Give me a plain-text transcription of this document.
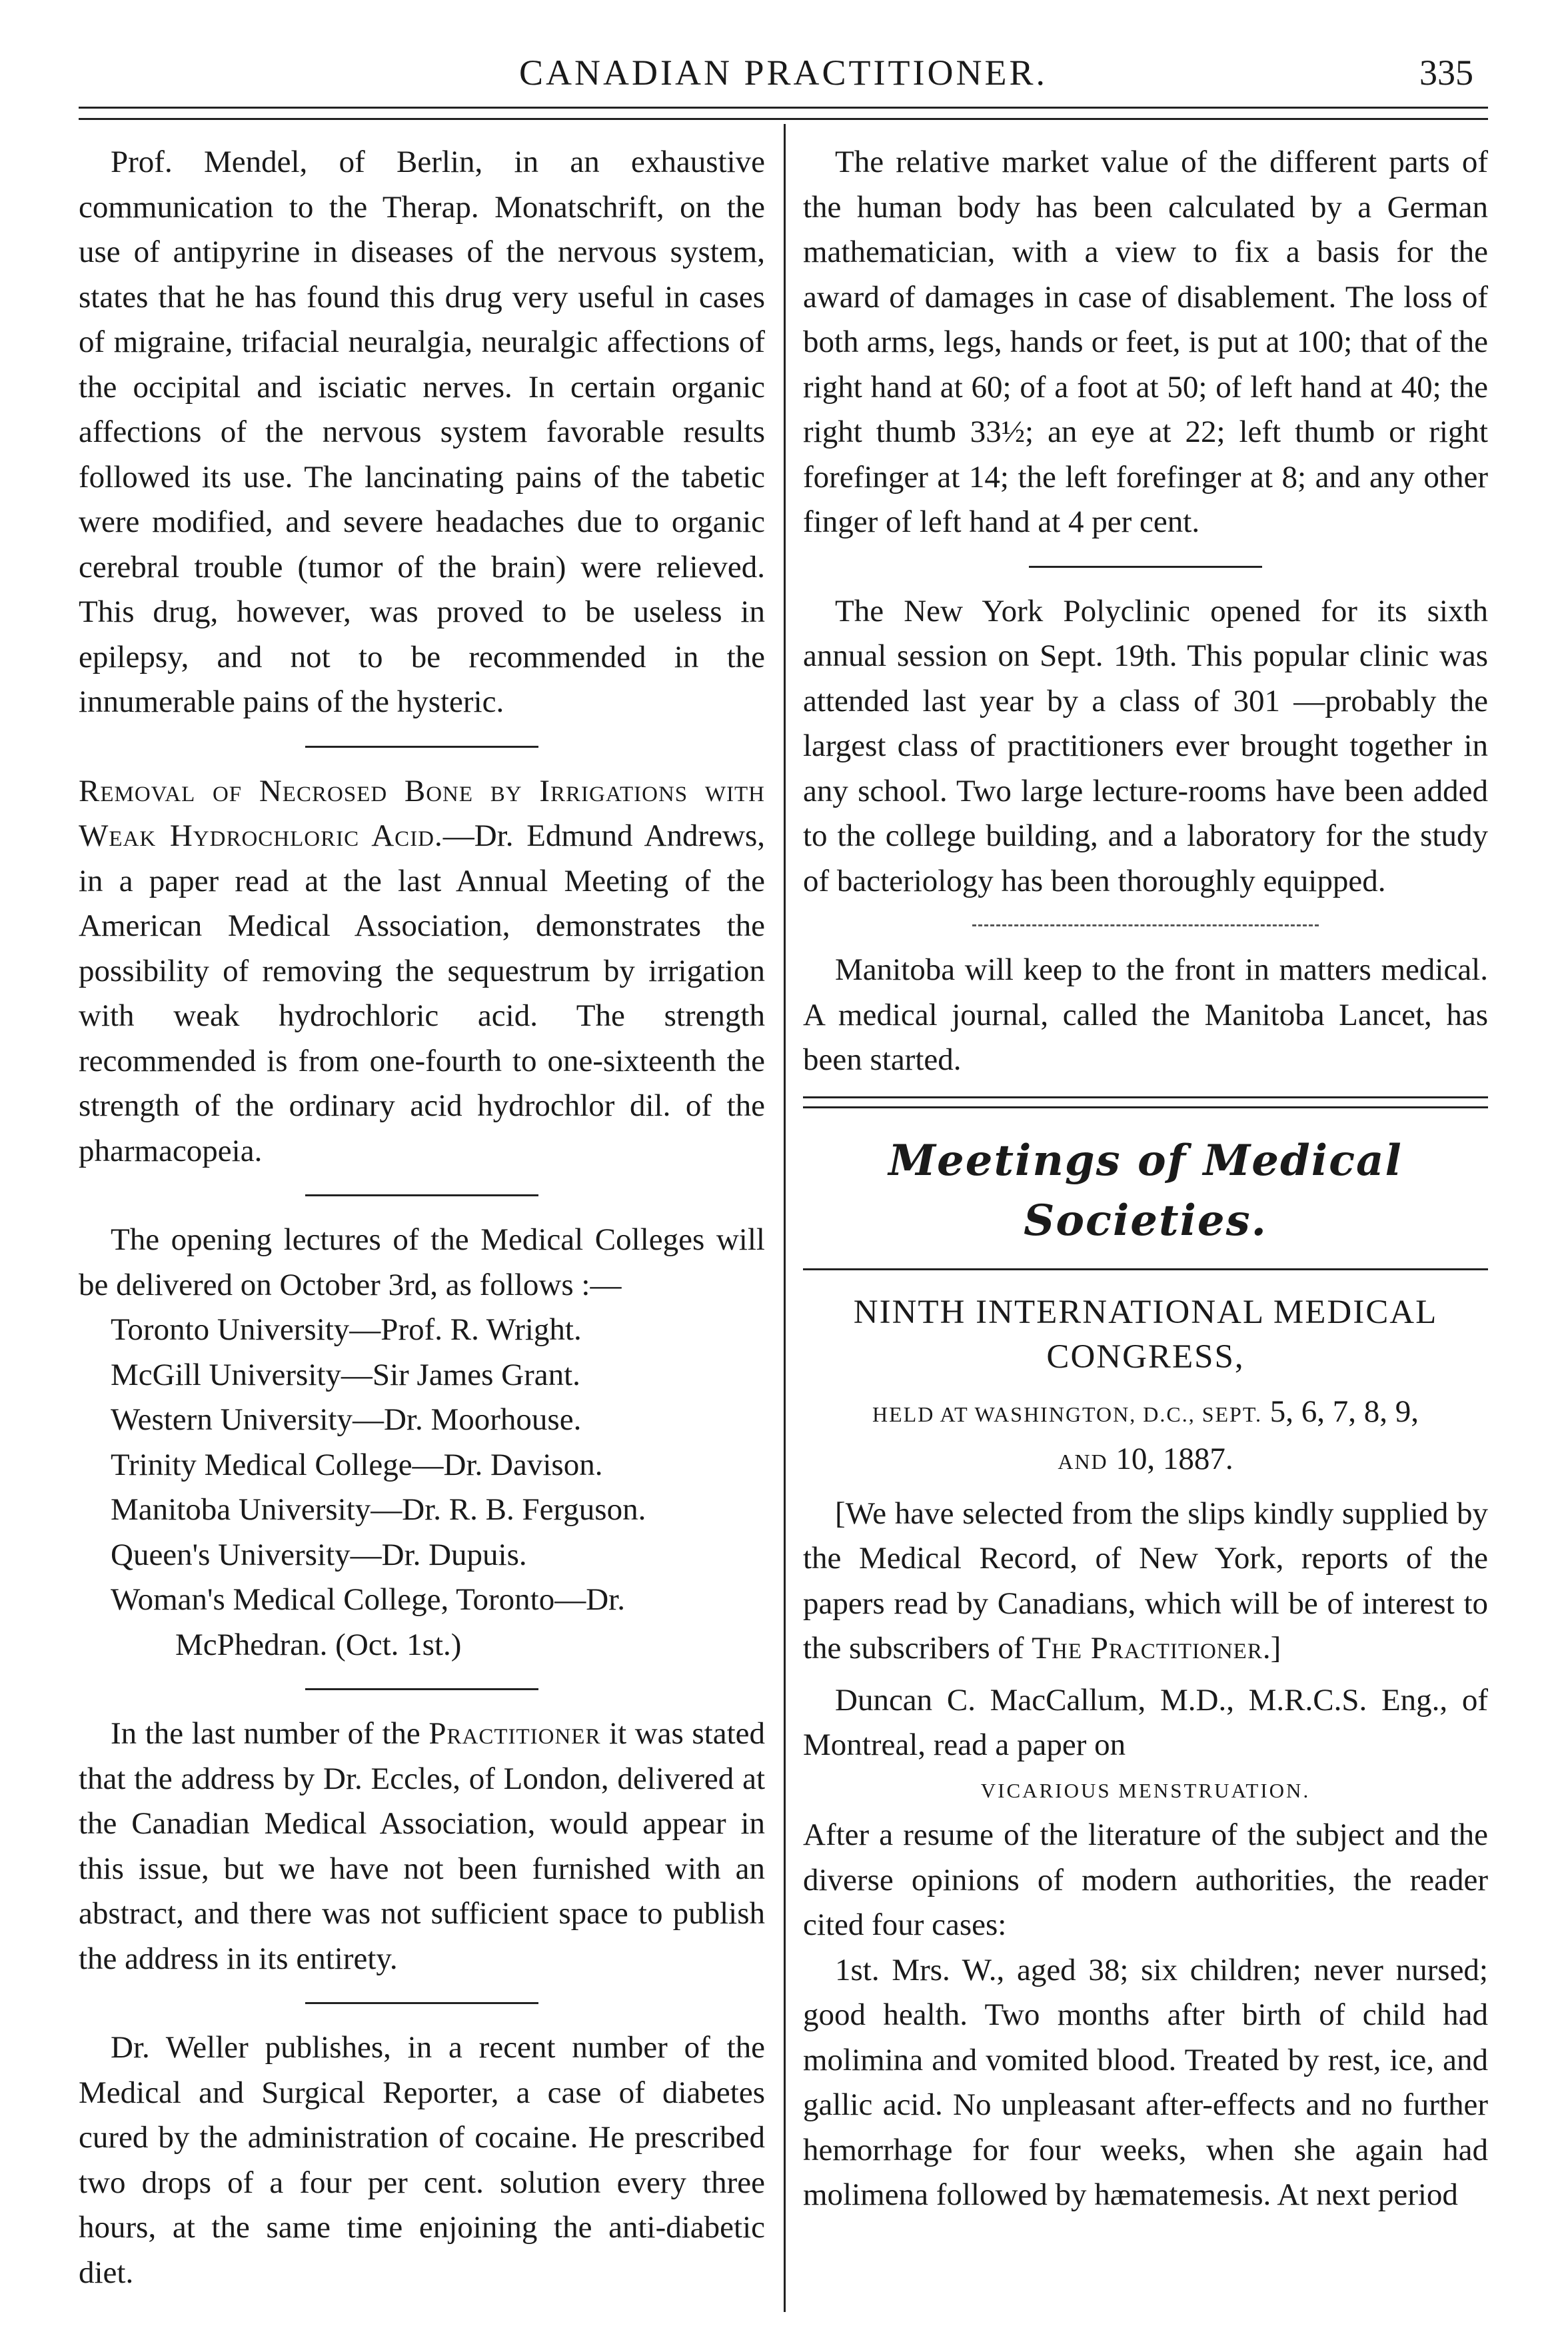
CANADIAN PRACTITIONER.	335

Prof. Mendel, of Berlin, in an exhaustive communication to the Therap. Monatschrift, on the use of antipyrine in diseases of the nervous system, states that he has found this drug very useful in cases of migraine, trifacial neuralgia, neuralgic affections of the occipital and isciatic nerves. In certain organic affections of the nervous system favorable results followed its use. The lancinating pains of the tabetic were modified, and severe headaches due to organic cerebral trouble (tumor of the brain) were relieved. This drug, however, was proved to be useless in epilepsy, and not to be recommended in the innumerable pains of the hysteric.

Removal of Necrosed Bone by Irrigations with Weak Hydrochloric Acid.—Dr. Edmund Andrews, in a paper read at the last Annual Meeting of the American Medical Association, demonstrates the possibility of removing the sequestrum by irrigation with weak hydrochloric acid. The strength recommended is from one-fourth to one-sixteenth the strength of the ordinary acid hydrochlor dil. of the pharmacopeia.

The opening lectures of the Medical Colleges will be delivered on October 3rd, as follows :—

Toronto University—Prof. R. Wright.
McGill University—Sir James Grant.
Western University—Dr. Moorhouse.
Trinity Medical College—Dr. Davison.
Manitoba University—Dr. R. B. Ferguson.
Queen's University—Dr. Dupuis.
Woman's Medical College, Toronto—Dr.
McPhedran. (Oct. 1st.)

In the last number of the Practitioner it was stated that the address by Dr. Eccles, of London, delivered at the Canadian Medical Association, would appear in this issue, but we have not been furnished with an abstract, and there was not sufficient space to publish the address in its entirety.

Dr. Weller publishes, in a recent number of the Medical and Surgical Reporter, a case of diabetes cured by the administration of cocaine. He prescribed two drops of a four per cent. solution every three hours, at the same time enjoining the anti-diabetic diet.

The relative market value of the different parts of the human body has been calculated by a German mathematician, with a view to fix a basis for the award of damages in case of disablement. The loss of both arms, legs, hands or feet, is put at 100; that of the right hand at 60; of a foot at 50; of left hand at 40; the right thumb 33½; an eye at 22; left thumb or right forefinger at 14; the left forefinger at 8; and any other finger of left hand at 4 per cent.

The New York Polyclinic opened for its sixth annual session on Sept. 19th. This popular clinic was attended last year by a class of 301 —probably the largest class of practitioners ever brought together in any school. Two large lecture-rooms have been added to the college building, and a laboratory for the study of bacteriology has been thoroughly equipped.

Manitoba will keep to the front in matters medical. A medical journal, called the Manitoba Lancet, has been started.

Meetings of Medical Societies.
NINTH INTERNATIONAL MEDICAL
CONGRESS,
HELD AT WASHINGTON, D.C., SEPT. 5, 6, 7, 8, 9,
AND 10, 1887.

[We have selected from the slips kindly supplied by the Medical Record, of New York, reports of the papers read by Canadians, which will be of interest to the subscribers of The Practitioner.]

Duncan C. MacCallum, M.D., M.R.C.S. Eng., of Montreal, read a paper on

VICARIOUS MENSTRUATION.

After a resume of the literature of the subject and the diverse opinions of modern authorities, the reader cited four cases:

1st. Mrs. W., aged 38; six children; never nursed; good health. Two months after birth of child had molimina and vomited blood. Treated by rest, ice, and gallic acid. No unpleasant after-effects and no further hemorrhage for four weeks, when she again had molimena followed by hæmatemesis. At next period
